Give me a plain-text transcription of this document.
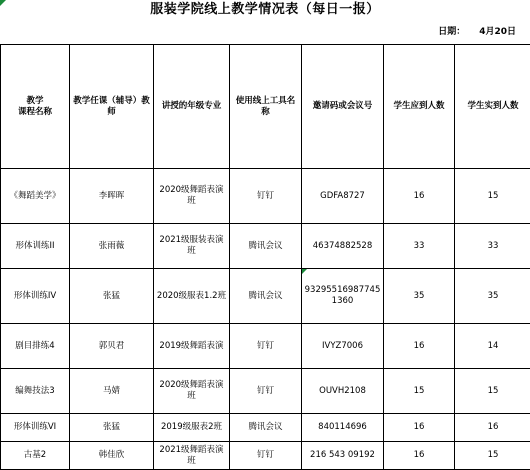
服装学院线上教学情况表（每日一报）
日期： 4月20日
教学
课程名称	教学任课（辅导）教师	讲授的年级专业	使用线上工具名称	邀请码或会议号	学生应到人数	学生实到人数
《舞蹈美学》	李晖晖	2020级舞蹈表演班	钉钉	GDFA8727	16	15
形体训练II	张雨薇	2021级服装表演班	腾讯会议	46374882528	33	33
形体训练IV	张猛	2020级服表1.2班	腾讯会议	932955169877451360	35	35
剧目排练4	郭贝君	2019级舞蹈表演	钉钉	IVYZ7006	16	14
编舞技法3	马婧	2020级舞蹈表演班	钉钉	OUVH2108	15	15
形体训练VI	张猛	2019级服表2班	腾讯会议	840114696	16	16
古基2	韩佳欣	2021级舞蹈表演班	钉钉	216 543 09192	16	15
